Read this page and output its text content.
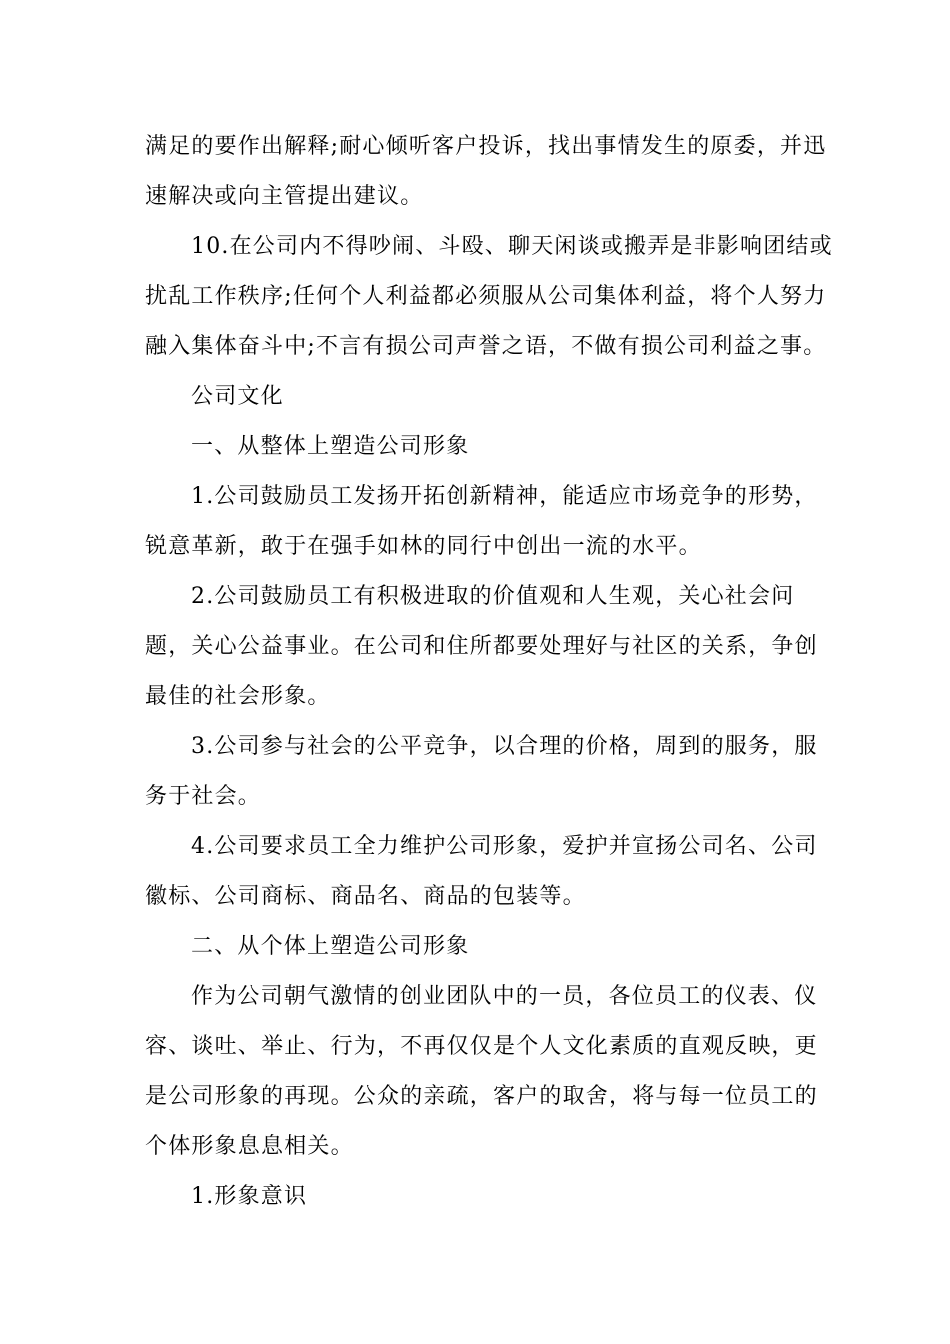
满足的要作出解释;耐心倾听客户投诉，找出事情发生的原委，并迅
速解决或向主管提出建议。

10.在公司内不得吵闹、斗殴、聊天闲谈或搬弄是非影响团结或
扰乱工作秩序;任何个人利益都必须服从公司集体利益，将个人努力
融入集体奋斗中;不言有损公司声誉之语，不做有损公司利益之事。

公司文化

一、从整体上塑造公司形象

1.公司鼓励员工发扬开拓创新精神，能适应市场竞争的形势，
锐意革新，敢于在强手如林的同行中创出一流的水平。

2.公司鼓励员工有积极进取的价值观和人生观，关心社会问
题，关心公益事业。在公司和住所都要处理好与社区的关系，争创
最佳的社会形象。

3.公司参与社会的公平竞争，以合理的价格，周到的服务，服
务于社会。

4.公司要求员工全力维护公司形象，爱护并宣扬公司名、公司
徽标、公司商标、商品名、商品的包装等。

二、从个体上塑造公司形象

作为公司朝气激情的创业团队中的一员，各位员工的仪表、仪
容、谈吐、举止、行为，不再仅仅是个人文化素质的直观反映，更
是公司形象的再现。公众的亲疏，客户的取舍，将与每一位员工的
个体形象息息相关。

1.形象意识
